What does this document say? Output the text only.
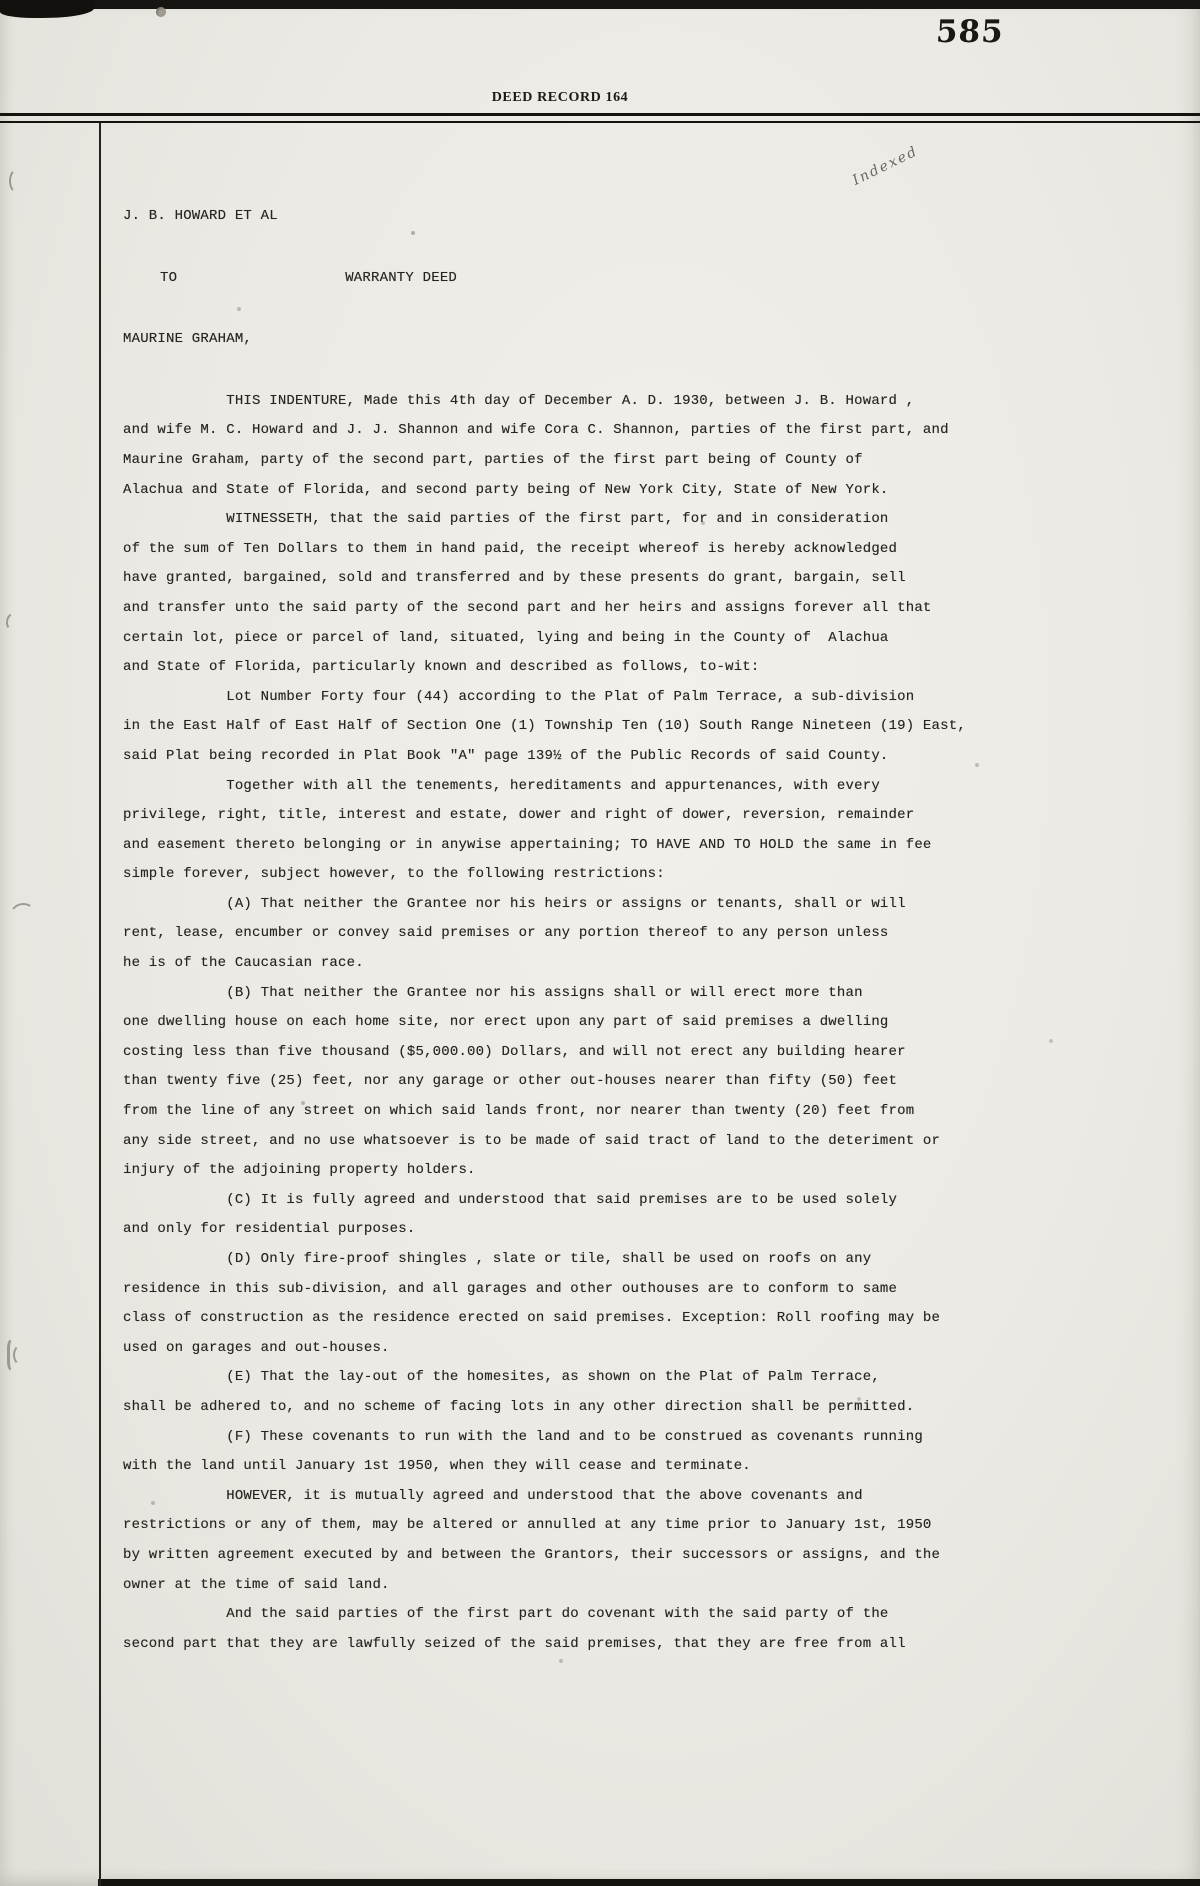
585
DEED RECORD 164
Indexed

J. B. HOWARD ET AL

TO	WARRANTY DEED

MAURINE GRAHAM,

THIS INDENTURE, Made this 4th day of December A. D. 1930, between J. B. Howard ,
and wife M. C. Howard and J. J. Shannon and wife Cora C. Shannon, parties of the first part, and
Maurine Graham, party of the second part, parties of the first part being of County of
Alachua and State of Florida, and second party being of New York City, State of New York.
WITNESSETH, that the said parties of the first part, for and in consideration
of the sum of Ten Dollars to them in hand paid, the receipt whereof is hereby acknowledged
have granted, bargained, sold and transferred and by these presents do grant, bargain, sell
and transfer unto the said party of the second part and her heirs and assigns forever all that
certain lot, piece or parcel of land, situated, lying and being in the County of  Alachua
and State of Florida, particularly known and described as follows, to-wit:
Lot Number Forty four (44) according to the Plat of Palm Terrace, a sub-division
in the East Half of East Half of Section One (1) Township Ten (10) South Range Nineteen (19) East,
said Plat being recorded in Plat Book "A" page 139½ of the Public Records of said County.
Together with all the tenements, hereditaments and appurtenances, with every
privilege, right, title, interest and estate, dower and right of dower, reversion, remainder
and easement thereto belonging or in anywise appertaining; TO HAVE AND TO HOLD the same in fee
simple forever, subject however, to the following restrictions:
(A) That neither the Grantee nor his heirs or assigns or tenants, shall or will
rent, lease, encumber or convey said premises or any portion thereof to any person unless
he is of the Caucasian race.
(B) That neither the Grantee nor his assigns shall or will erect more than
one dwelling house on each home site, nor erect upon any part of said premises a dwelling
costing less than five thousand ($5,000.00) Dollars, and will not erect any building hearer
than twenty five (25) feet, nor any garage or other out-houses nearer than fifty (50) feet
from the line of any street on which said lands front, nor nearer than twenty (20) feet from
any side street, and no use whatsoever is to be made of said tract of land to the deteriment or
injury of the adjoining property holders.
(C) It is fully agreed and understood that said premises are to be used solely
and only for residential purposes.
(D) Only fire-proof shingles , slate or tile, shall be used on roofs on any
residence in this sub-division, and all garages and other outhouses are to conform to same
class of construction as the residence erected on said premises. Exception: Roll roofing may be
used on garages and out-houses.
(E) That the lay-out of the homesites, as shown on the Plat of Palm Terrace,
shall be adhered to, and no scheme of facing lots in any other direction shall be permitted.
(F) These covenants to run with the land and to be construed as covenants running
with the land until January 1st 1950, when they will cease and terminate.
HOWEVER, it is mutually agreed and understood that the above covenants and
restrictions or any of them, may be altered or annulled at any time prior to January 1st, 1950
by written agreement executed by and between the Grantors, their successors or assigns, and the
owner at the time of said land.
And the said parties of the first part do covenant with the said party of the
second part that they are lawfully seized of the said premises, that they are free from all
